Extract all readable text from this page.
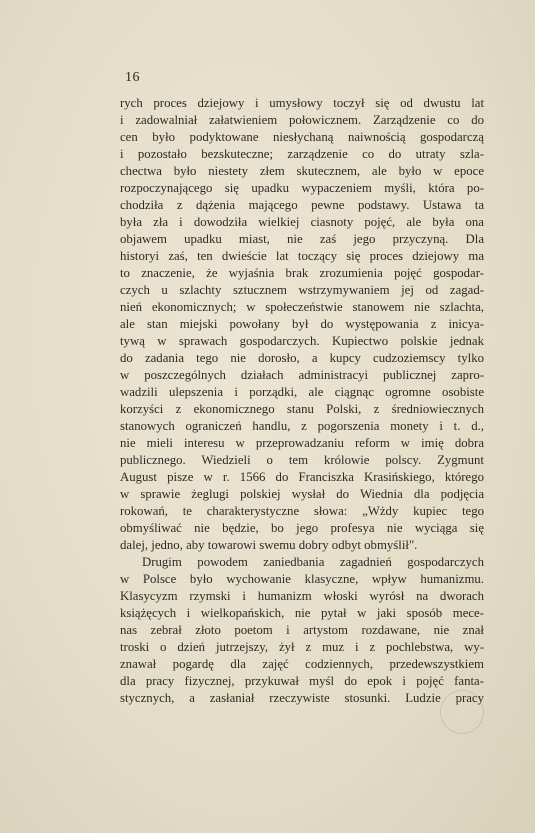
16
rych proces dziejowy i umysłowy toczył się od dwustu lat
i zadowalniał załatwieniem połowicznem. Zarządzenie co do
cen było podyktowane niesłychaną naiwnością gospodarczą
i pozostało bezskuteczne; zarządzenie co do utraty szla-
chectwa było niestety złem skutecznem, ale było w epoce
rozpoczynającego się upadku wypaczeniem myśli, która po-
chodziła z dążenia mającego pewne podstawy. Ustawa ta
była zła i dowodziła wielkiej ciasnoty pojęć, ale była ona
objawem upadku miast, nie zaś jego przyczyną. Dla
historyi zaś, ten dwieście lat toczący się proces dziejowy ma
to znaczenie, że wyjaśnia brak zrozumienia pojęć gospodar-
czych u szlachty sztucznem wstrzymywaniem jej od zagad-
nień ekonomicznych; w społeczeństwie stanowem nie szlachta,
ale stan miejski powołany był do występowania z inicya-
tywą w sprawach gospodarczych. Kupiectwo polskie jednak
do zadania tego nie dorosło, a kupcy cudzoziemscy tylko
w poszczególnych działach administracyi publicznej zapro-
wadzili ulepszenia i porządki, ale ciągnąc ogromne osobiste
korzyści z ekonomicznego stanu Polski, z średniowiecznych
stanowych ograniczeń handlu, z pogorszenia monety i t. d.,
nie mieli interesu w przeprowadzaniu reform w imię dobra
publicznego. Wiedzieli o tem królowie polscy. Zygmunt
August pisze w r. 1566 do Franciszka Krasińskiego, którego
w sprawie żeglugi polskiej wysłał do Wiednia dla podjęcia
rokowań, te charakterystyczne słowa: „Wżdy kupiec tego
obmyśliwać nie będzie, bo jego profesya nie wyciąga się
dalej, jedno, aby towarowi swemu dobry odbyt obmyślił".
Drugim powodem zaniedbania zagadnień gospodarczych
w Polsce było wychowanie klasyczne, wpływ humanizmu.
Klasycyzm rzymski i humanizm włoski wyrósł na dworach
książęcych i wielkopańskich, nie pytał w jaki sposób mece-
nas zebrał złoto poetom i artystom rozdawane, nie znał
troski o dzień jutrzejszy, żył z muz i z pochlebstwa, wy-
znawał pogardę dla zajęć codziennych, przedewszystkiem
dla pracy fizycznej, przykuwał myśl do epok i pojęć fanta-
stycznych, a zasłaniał rzeczywiste stosunki. Ludzie pracy
